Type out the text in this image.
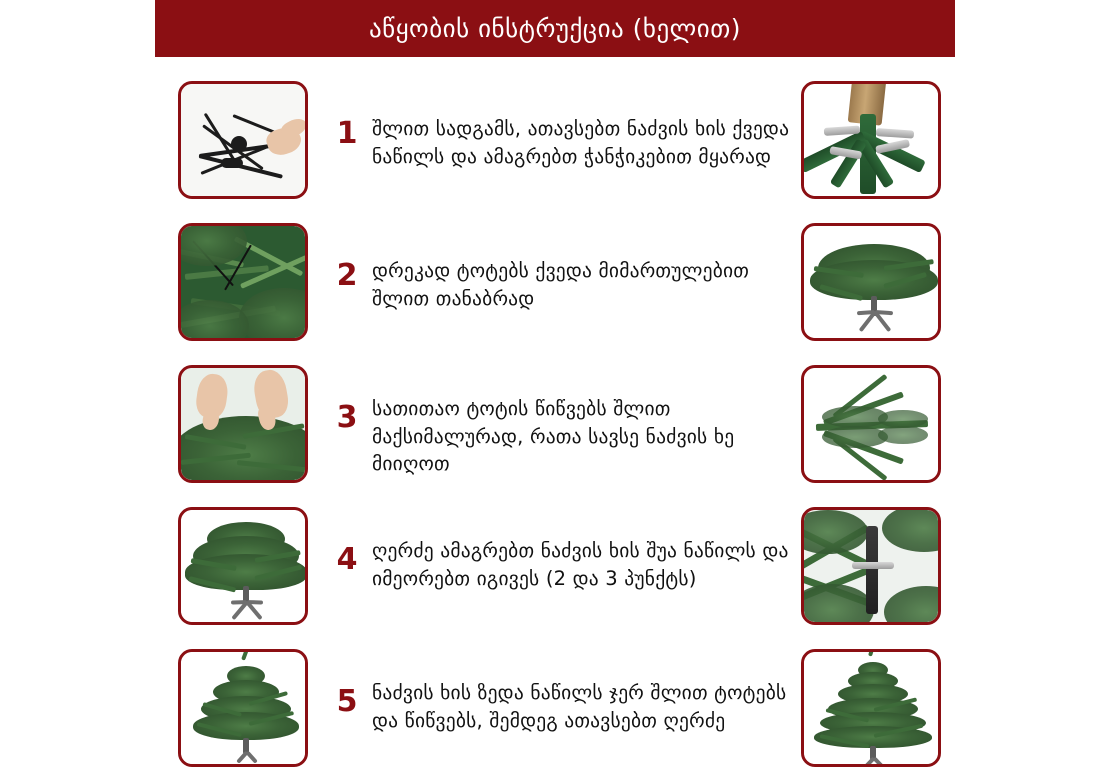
აწყობის ინსტრუქცია (ხელით)
1 შლით სადგამს, ათავსებთ ნაძვის ხის ქვედა ნაწილს და ამაგრებთ ჭანჭიკებით მყარად
2 დრეკად ტოტებს ქვედა მიმართულებით შლით თანაბრად
3 სათითაო ტოტის წიწვებს შლით მაქსიმალურად, რათა სავსე ნაძვის ხე მიიღოთ
4 ღერძე ამაგრებთ ნაძვის ხის შუა ნაწილს და იმეორებთ იგივეს (2 და 3 პუნქტს)
5 ნაძვის ხის ზედა ნაწილს ჯერ შლით ტოტებს და წიწვებს, შემდეგ ათავსებთ ღერძე
